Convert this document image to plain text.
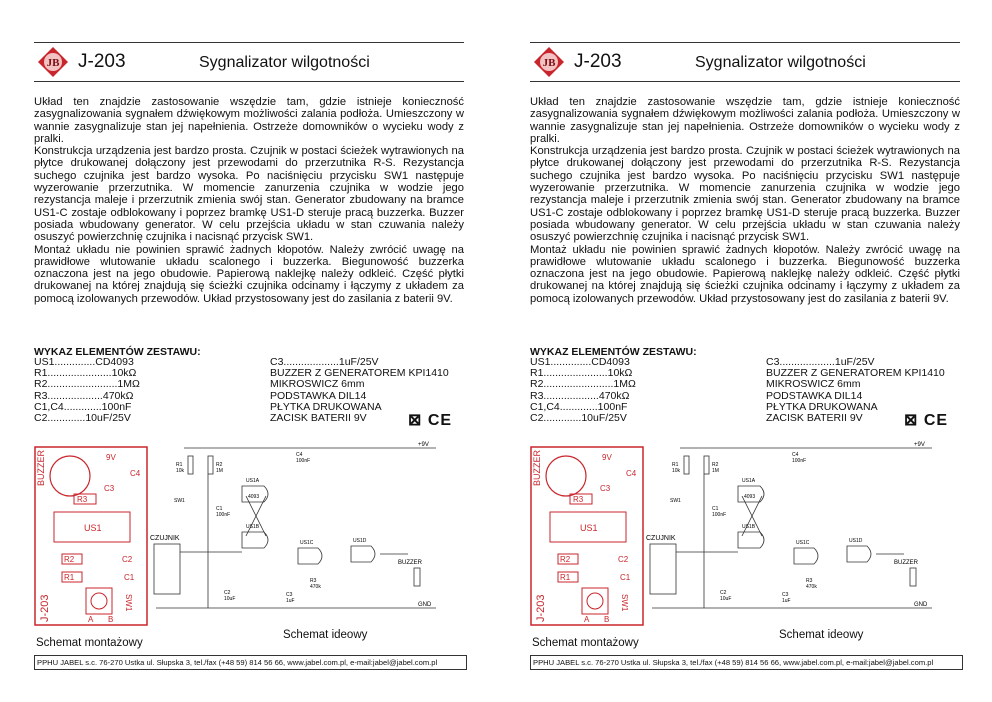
JB J-203	Sygnalizator wilgotności

Układ ten znajdzie zastosowanie wszędzie tam, gdzie istnieje konieczność zasygnalizowania sygnałem dźwiękowym możliwości zalania podłoża. Umieszczony w wannie zasygnalizuje stan jej napełnienia. Ostrzeże domowników o wycieku wody z pralki.

Konstrukcja urządzenia jest bardzo prosta. Czujnik w postaci ścieżek wytrawionych na płytce drukowanej dołączony jest przewodami do przerzutnika R-S. Rezystancja suchego czujnika jest bardzo wysoka. Po naciśnięciu przycisku SW1 następuje wyzerowanie przerzutnika. W momencie zanurzenia czujnika w wodzie jego rezystancja maleje i przerzutnik zmienia swój stan. Generator zbudowany na bramce US1-C zostaje odblokowany i poprzez bramkę US1-D steruje pracą buzzerka. Buzzer posiada wbudowany generator. W celu przejścia układu w stan czuwania należy osuszyć powierzchnię czujnika i nacisnąć przycisk SW1.

Montaż układu nie powinien sprawić żadnych kłopotów. Należy zwrócić uwagę na prawidłowe wlutowanie układu scalonego i buzzerka. Biegunowość buzzerka oznaczona jest na jego obudowie. Papierową naklejkę należy odkleić. Część płytki drukowanej na której znajdują się ścieżki czujnika odcinamy i łączymy z układem za pomocą izolowanych przewodów. Układ przystosowany jest do zasilania z baterii 9V.

WYKAZ ELEMENTÓW ZESTAWU:
US1..............CD4093
R1......................10kΩ
R2........................1MΩ
R3...................470kΩ
C1,C4.............100nF
C2.............10uF/25V
C3...................1uF/25V
BUZZER Z GENERATOREM KPI1410
MIKROSWICZ 6mm
PODSTAWKA DIL14
PŁYTKA DRUKOWANA
ZACISK BATERII 9V	⊠ CE
BUZZER	9V
C4
C3
R3
US1
R2	C2
R1	C1
J-203	SW1
A B
+9V
GND
CZUJNIK
BUZZER
US1A
US1B
US1C	US1D
4093
R1
10k
R2
1M
R3
470k
C1
100nF
C2
10uF
C3
1uF
C4
100nF
SW1
Schemat montażowy
Schemat ideowy
PPHU JABEL s.c. 76-270 Ustka ul. Słupska 3, tel./fax (+48 59) 814 56 66, www.jabel.com.pl, e-mail:jabel@jabel.com.pl
JB J-203	Sygnalizator wilgotności

Układ ten znajdzie zastosowanie wszędzie tam, gdzie istnieje konieczność zasygnalizowania sygnałem dźwiękowym możliwości zalania podłoża. Umieszczony w wannie zasygnalizuje stan jej napełnienia. Ostrzeże domowników o wycieku wody z pralki.

Konstrukcja urządzenia jest bardzo prosta. Czujnik w postaci ścieżek wytrawionych na płytce drukowanej dołączony jest przewodami do przerzutnika R-S. Rezystancja suchego czujnika jest bardzo wysoka. Po naciśnięciu przycisku SW1 następuje wyzerowanie przerzutnika. W momencie zanurzenia czujnika w wodzie jego rezystancja maleje i przerzutnik zmienia swój stan. Generator zbudowany na bramce US1-C zostaje odblokowany i poprzez bramkę US1-D steruje pracą buzzerka. Buzzer posiada wbudowany generator. W celu przejścia układu w stan czuwania należy osuszyć powierzchnię czujnika i nacisnąć przycisk SW1.

Montaż układu nie powinien sprawić żadnych kłopotów. Należy zwrócić uwagę na prawidłowe wlutowanie układu scalonego i buzzerka. Biegunowość buzzerka oznaczona jest na jego obudowie. Papierową naklejkę należy odkleić. Część płytki drukowanej na której znajdują się ścieżki czujnika odcinamy i łączymy z układem za pomocą izolowanych przewodów. Układ przystosowany jest do zasilania z baterii 9V.

WYKAZ ELEMENTÓW ZESTAWU:
US1..............CD4093
R1......................10kΩ
R2........................1MΩ
R3...................470kΩ
C1,C4.............100nF
C2.............10uF/25V
C3...................1uF/25V
BUZZER Z GENERATOREM KPI1410
MIKROSWICZ 6mm
PODSTAWKA DIL14
PŁYTKA DRUKOWANA
ZACISK BATERII 9V	⊠ CE
BUZZER	9V
C4
C3
R3
US1
R2	C2
R1	C1
J-203	SW1
A B
+9V
GND
CZUJNIK
BUZZER
US1A
US1B
US1C	US1D
4093
R1
10k
R2
1M
R3
470k
C1
100nF
C2
10uF
C3
1uF
C4
100nF
SW1
Schemat montażowy
Schemat ideowy
PPHU JABEL s.c. 76-270 Ustka ul. Słupska 3, tel./fax (+48 59) 814 56 66, www.jabel.com.pl, e-mail:jabel@jabel.com.pl
